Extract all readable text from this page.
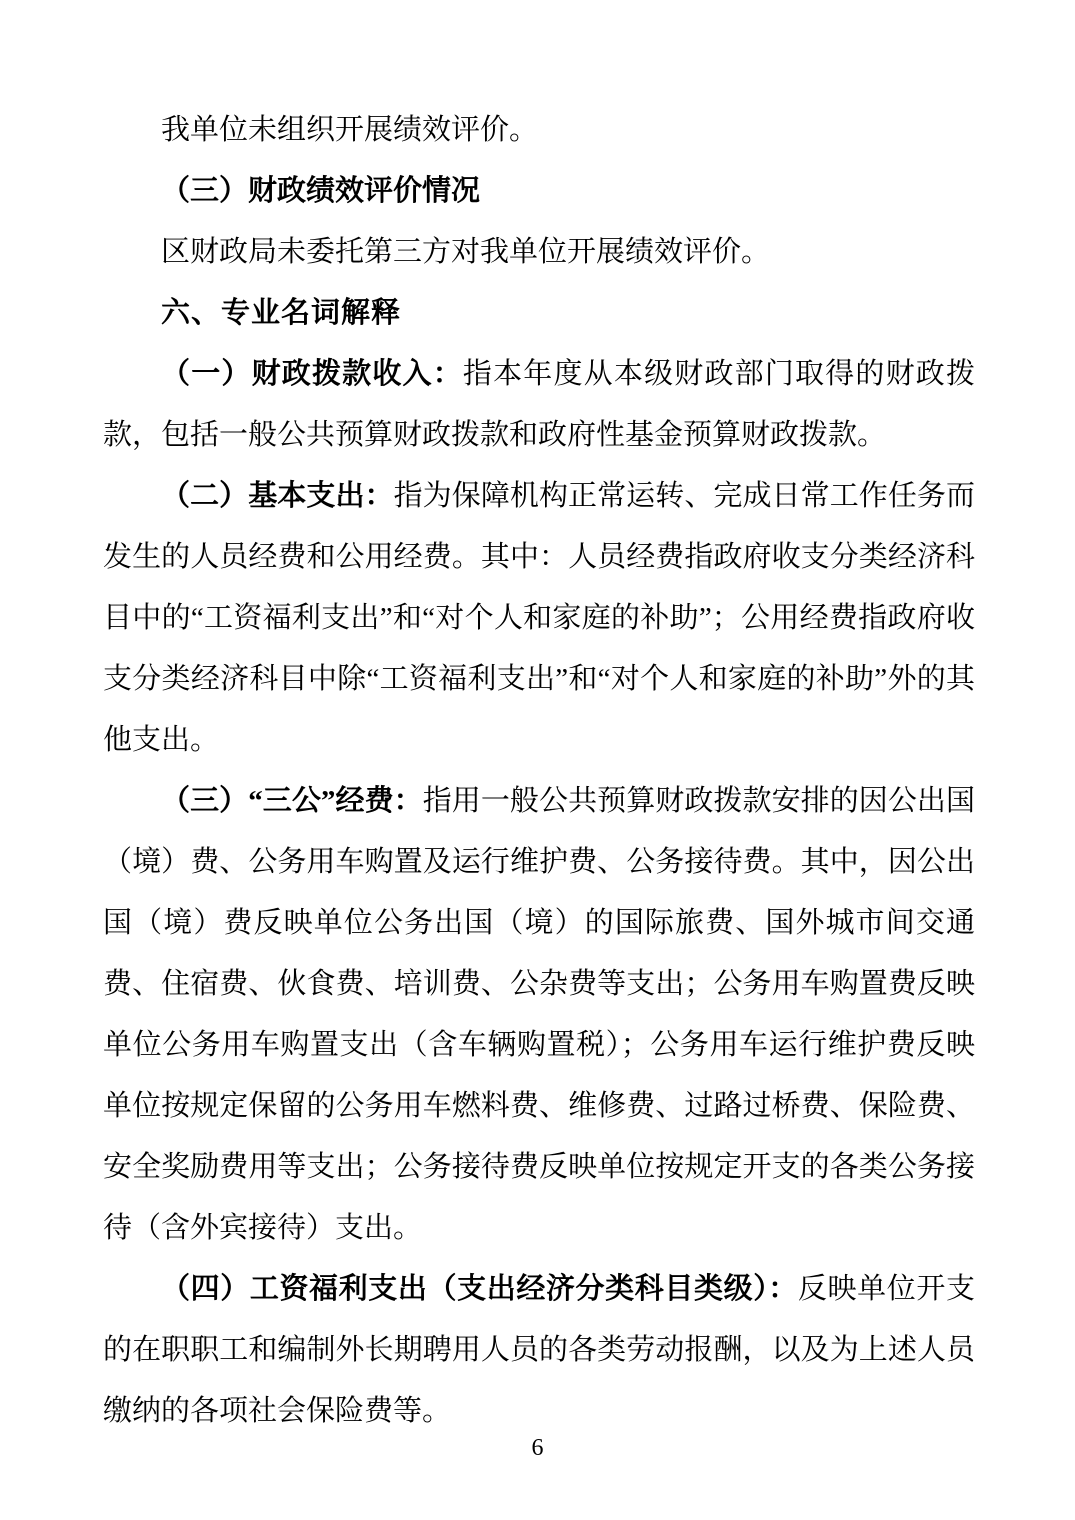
我单位未组织开展绩效评价。

（三）财政绩效评价情况

区财政局未委托第三方对我单位开展绩效评价。

六、专业名词解释

（一）财政拨款收入：指本年度从本级财政部门取得的财政拨款，包括一般公共预算财政拨款和政府性基金预算财政拨款。

（二）基本支出：指为保障机构正常运转、完成日常工作任务而发生的人员经费和公用经费。其中：人员经费指政府收支分类经济科目中的“工资福利支出”和“对个人和家庭的补助”；公用经费指政府收支分类经济科目中除“工资福利支出”和“对个人和家庭的补助”外的其他支出。

（三）“三公”经费：指用一般公共预算财政拨款安排的因公出国（境）费、公务用车购置及运行维护费、公务接待费。其中，因公出国（境）费反映单位公务出国（境）的国际旅费、国外城市间交通费、住宿费、伙食费、培训费、公杂费等支出；公务用车购置费反映单位公务用车购置支出（含车辆购置税）；公务用车运行维护费反映单位按规定保留的公务用车燃料费、维修费、过路过桥费、保险费、安全奖励费用等支出；公务接待费反映单位按规定开支的各类公务接待（含外宾接待）支出。

（四）工资福利支出（支出经济分类科目类级）：反映单位开支的在职职工和编制外长期聘用人员的各类劳动报酬，以及为上述人员缴纳的各项社会保险费等。

6
